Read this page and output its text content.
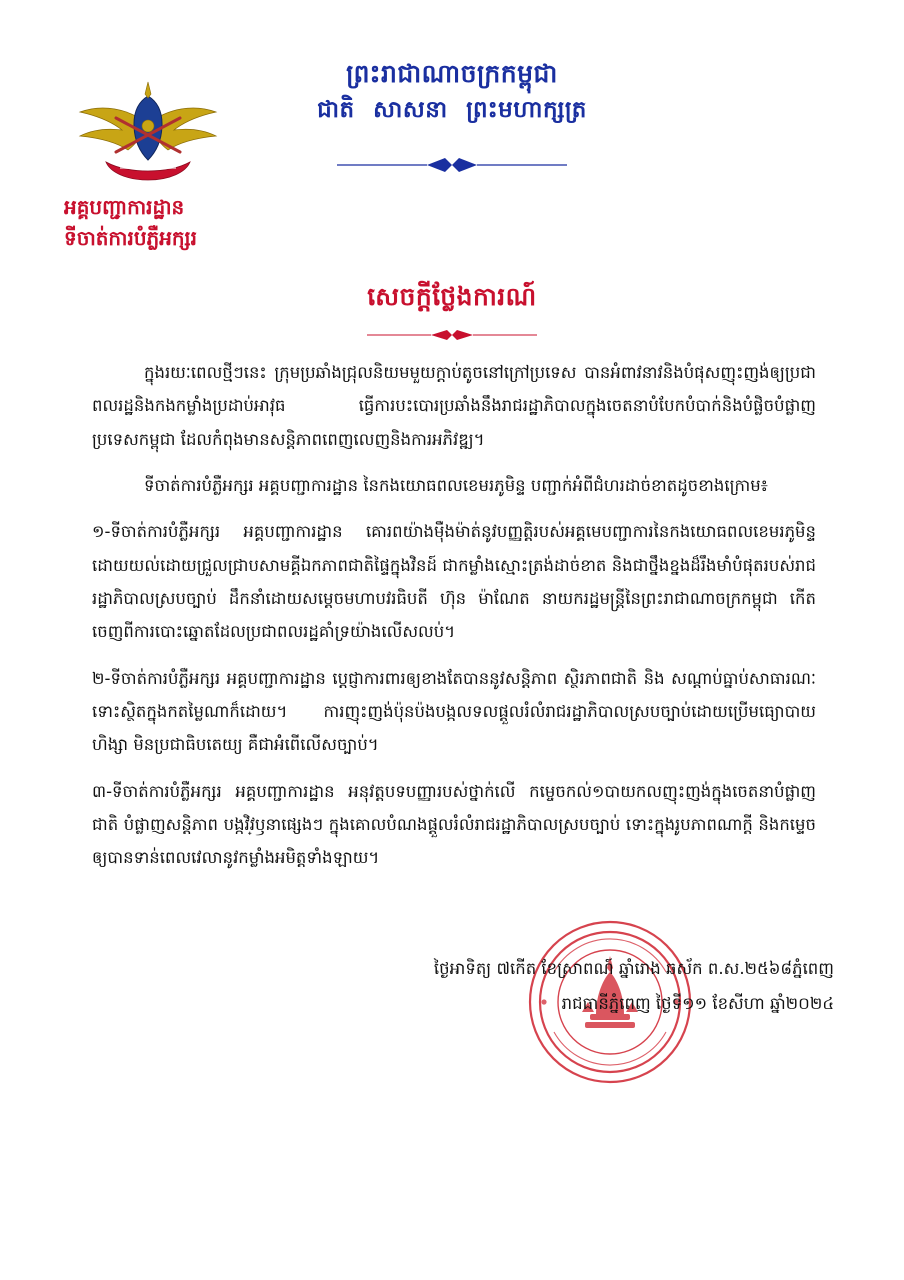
ព្រះរាជាណាចក្រកម្ពុជា
ជាតិ សាសនា ព្រះមហាក្សត្រ
អគ្គបញ្ជាការដ្ឋាន
ទីចាត់ការបំភ្លឺអក្សរ
សេចក្តីថ្លែងការណ៍

ក្នុងរយៈពេលថ្មីៗនេះ ក្រុមប្រឆាំងជ្រុលនិយមមួយក្តាប់តូចនៅក្រៅប្រទេស បានអំពាវនាវនិងបំផុសញុះញង់ឲ្យប្រជាពលរដ្ឋនិងកងកម្លាំងប្រដាប់អាវុធ ធ្វើការបះបោរប្រឆាំងនឹងរាជរដ្ឋាភិបាលក្នុងចេតនាបំបែកបំបាក់និងបំផ្លិចបំផ្លាញប្រទេសកម្ពុជា ដែលកំពុងមានសន្តិភាពពេញលេញនិងការអភិវឌ្ឍ។

ទីចាត់ការបំភ្លឺអក្សរ អគ្គបញ្ជាការដ្ឋាន នៃកងយោធពលខេមរភូមិន្ទ បញ្ជាក់អំពីជំហរដាច់ខាតដូចខាងក្រោម៖

១-ទីចាត់ការបំភ្លឺអក្សរ អគ្គបញ្ជាការដ្ឋាន គោរពយ៉ាងម៉ឺងម៉ាត់នូវបញ្ញត្តិរបស់អគ្គមេបញ្ជាការនៃកងយោធពលខេមរភូមិន្ទ ដោយយល់ដោយជ្រួលជ្រាបសាមគ្គីឯកភាពជាតិផ្ទៃក្នុងវិនដ៍ ជាកម្លាំងស្មោះត្រង់ដាច់ខាត និងជាថ្នឹងខ្នងដ៏រឹងមាំបំផុតរបស់រាជរដ្ឋាភិបាលស្របច្បាប់ ដឹកនាំដោយសម្តេចមហាបវរធិបតី ហ៊ុន ម៉ាណែត នាយករដ្ឋមន្ត្រីនៃព្រះរាជាណាចក្រកម្ពុជា កើតចេញពីការបោះឆ្នោតដែលប្រជាពលរដ្ឋគាំទ្រយ៉ាងលើសលប់។

២-ទីចាត់ការបំភ្លឺអក្សរ អគ្គបញ្ជាការដ្ឋាន ប្តេជ្ញាការពារឲ្យខាងតែបាននូវសន្តិភាព ស្ថិរភាពជាតិ និង សណ្តាប់ធ្នាប់សាធារណៈ ទោះស្ថិតក្នុងកតម្លៃណាក៏ដោយ។ ការញុះញង់ប៉ុនប៉ងបង្កលទលផ្តួលរំលំរាជរដ្ឋាភិបាលស្របច្បាប់ដោយប្រើមធ្យោបាយ ហិង្សា មិនប្រជាធិបតេយ្យ គឺជាអំពើលើសច្បាប់។

៣-ទីចាត់ការបំភ្លឺអក្សរ អគ្គបញ្ជាការដ្ឋាន អនុវត្តបទបញ្ញារបស់ថ្នាក់លើ កម្ចេចកល់១បាយកលញុះញង់ក្នុងចេតនាបំផ្លាញជាតិ បំផ្លាញសន្តិភាព បង្កវិវ្ឫនាផ្សេងៗ ក្នុងគោលបំណងផ្តួលរំលំរាជរដ្ឋាភិបាលស្របច្បាប់ ទោះក្នុងរូបភាពណាក្តី និងកម្ទេចឲ្យបានទាន់ពេលវេលានូវកម្លាំងអមិត្តទាំងឡាយ។

ថ្ងៃអាទិត្យ ៧កើត ខែស្រាពណ៍ ឆ្នាំរោង ឆស័ក ព.ស.២៥៦៨ភ្នំពេញ
រាជធានីភ្នំពេញ ថ្ងៃទី១១ ខែសីហា ឆ្នាំ២០២៤
